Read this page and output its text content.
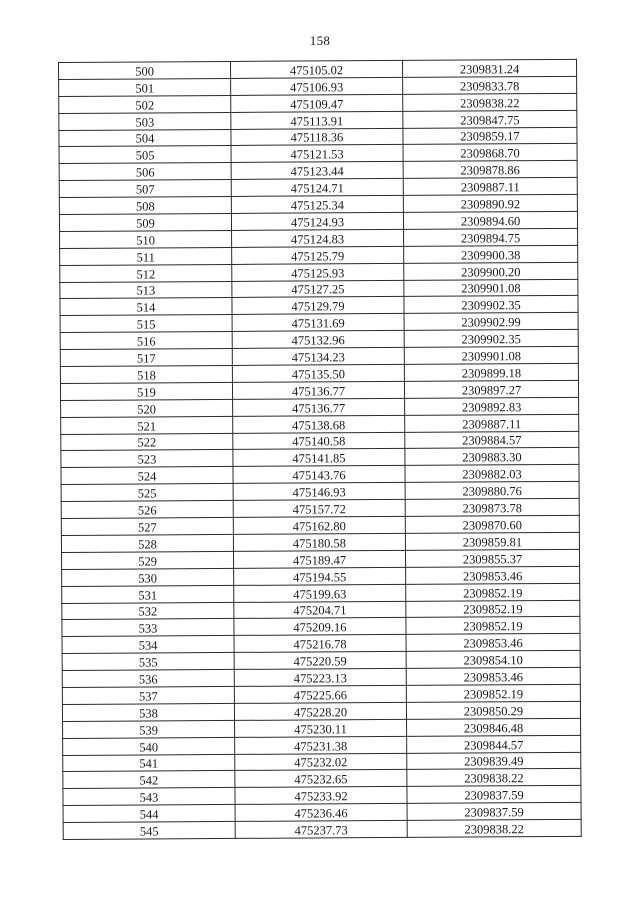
158
500	475105.02	2309831.24
501	475106.93	2309833.78
502	475109.47	2309838.22
503	475113.91	2309847.75
504	475118.36	2309859.17
505	475121.53	2309868.70
506	475123.44	2309878.86
507	475124.71	2309887.11
508	475125.34	2309890.92
509	475124.93	2309894.60
510	475124.83	2309894.75
511	475125.79	2309900.38
512	475125.93	2309900.20
513	475127.25	2309901.08
514	475129.79	2309902.35
515	475131.69	2309902.99
516	475132.96	2309902.35
517	475134.23	2309901.08
518	475135.50	2309899.18
519	475136.77	2309897.27
520	475136.77	2309892.83
521	475138.68	2309887.11
522	475140.58	2309884.57
523	475141.85	2309883.30
524	475143.76	2309882.03
525	475146.93	2309880.76
526	475157.72	2309873.78
527	475162.80	2309870.60
528	475180.58	2309859.81
529	475189.47	2309855.37
530	475194.55	2309853.46
531	475199.63	2309852.19
532	475204.71	2309852.19
533	475209.16	2309852.19
534	475216.78	2309853.46
535	475220.59	2309854.10
536	475223.13	2309853.46
537	475225.66	2309852.19
538	475228.20	2309850.29
539	475230.11	2309846.48
540	475231.38	2309844.57
541	475232.02	2309839.49
542	475232.65	2309838.22
543	475233.92	2309837.59
544	475236.46	2309837.59
545	475237.73	2309838.22
